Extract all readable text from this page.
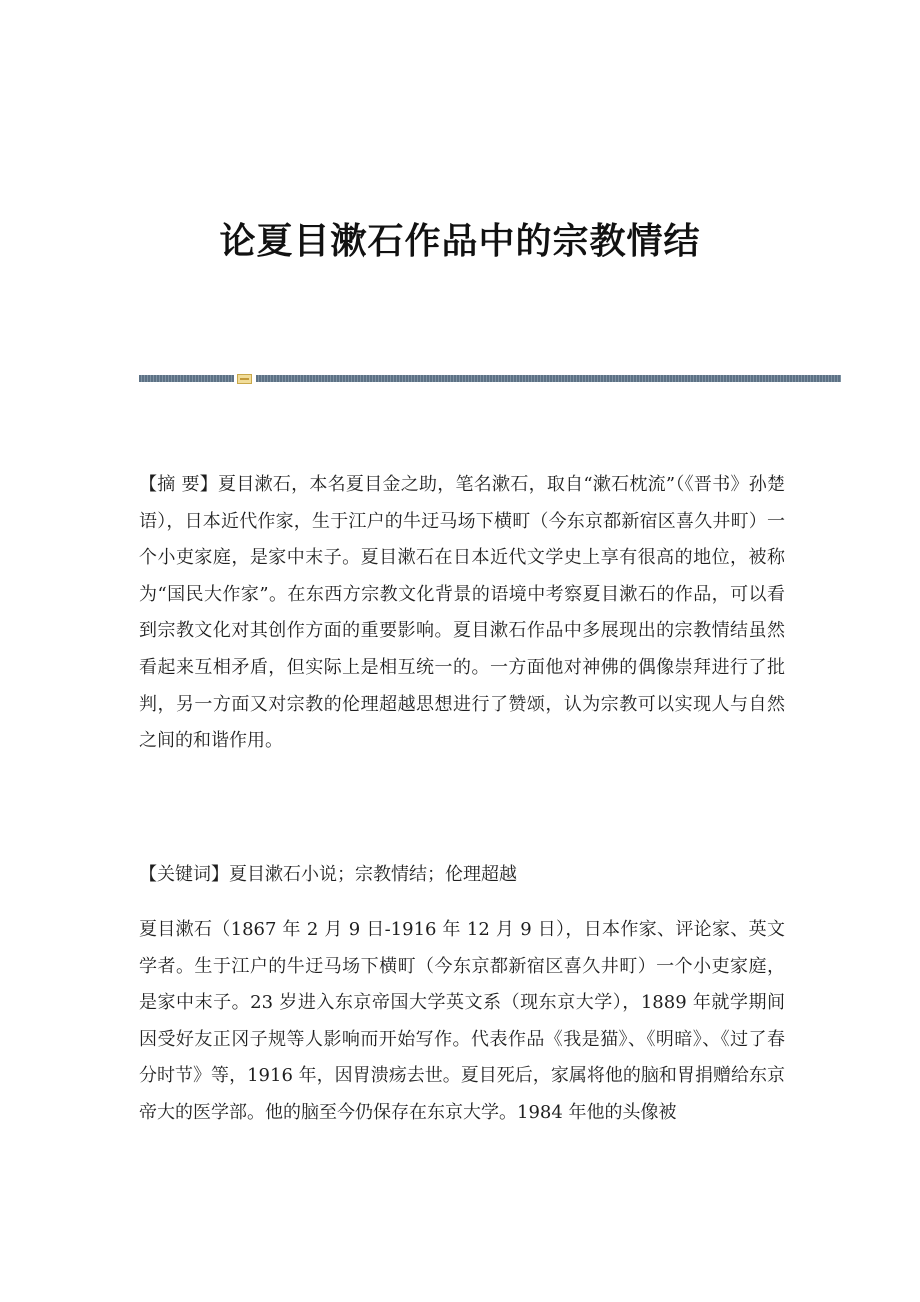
论夏目漱石作品中的宗教情结

【摘 要】夏目漱石，本名夏目金之助，笔名漱石，取自“漱石枕流”（《晋书》孙楚语），日本近代作家，生于江户的牛迂马场下横町（今东京都新宿区喜久井町）一个小吏家庭，是家中末子。夏目漱石在日本近代文学史上享有很高的地位，被称为“国民大作家”。在东西方宗教文化背景的语境中考察夏目漱石的作品，可以看到宗教文化对其创作方面的重要影响。夏目漱石作品中多展现出的宗教情结虽然看起来互相矛盾，但实际上是相互统一的。一方面他对神佛的偶像崇拜进行了批判，另一方面又对宗教的伦理超越思想进行了赞颂，认为宗教可以实现人与自然之间的和谐作用。

【关键词】夏目漱石小说；宗教情结；伦理超越

夏目漱石（1867 年 2 月 9 日-1916 年 12 月 9 日），日本作家、评论家、英文学者。生于江户的牛迂马场下横町（今东京都新宿区喜久井町）一个小吏家庭，是家中末子。23 岁进入东京帝国大学英文系（现东京大学），1889 年就学期间因受好友正冈子规等人影响而开始写作。代表作品《我是猫》、《明暗》、《过了春分时节》等，1916 年，因胃溃疡去世。夏目死后，家属将他的脑和胃捐赠给东京帝大的医学部。他的脑至今仍保存在东京大学。1984 年他的头像被
